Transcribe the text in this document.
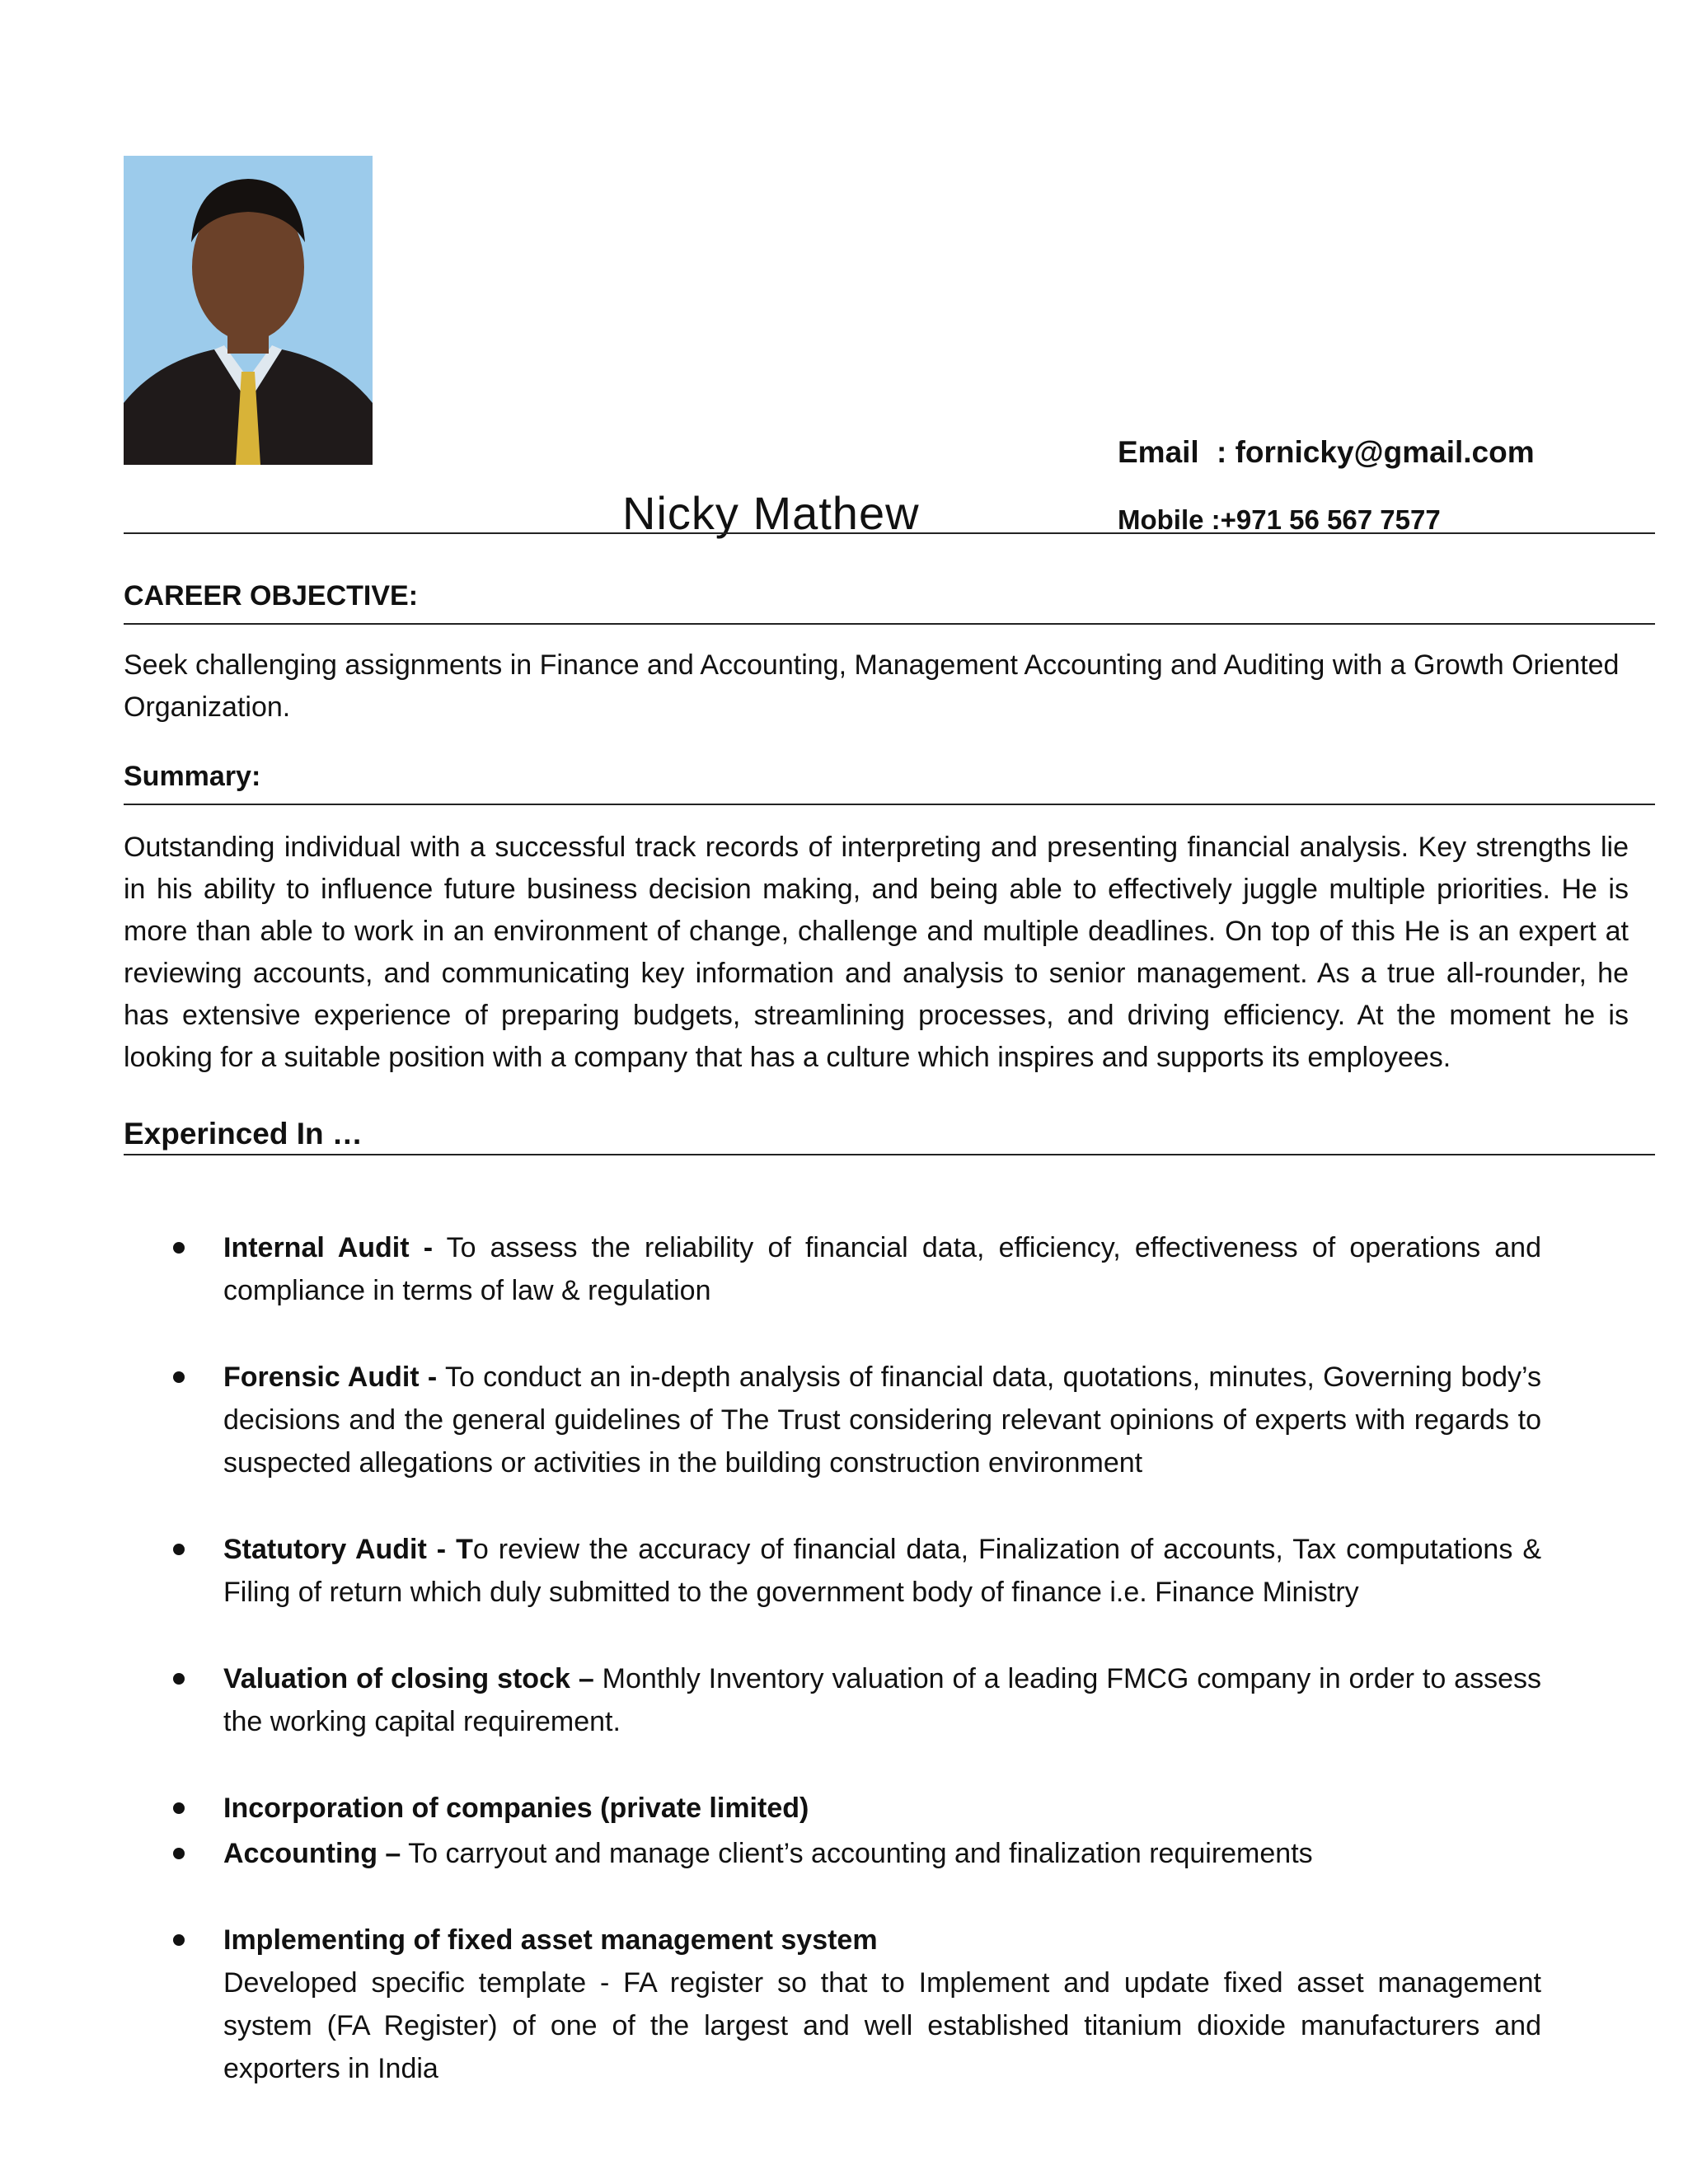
Email : fornicky@gmail.com
Mobile :+971 56 567 7577
Nicky Mathew
CAREER OBJECTIVE:
Seek challenging assignments in Finance and Accounting, Management Accounting and Auditing with a Growth Oriented Organization.
Summary:
Outstanding individual with a successful track records of interpreting and presenting financial analysis. Key strengths lie in his ability to influence future business decision making, and being able to effectively juggle multiple priorities. He is more than able to work in an environment of change, challenge and multiple deadlines. On top of this He is an expert at reviewing accounts, and communicating key information and analysis to senior management. As a true all-rounder, he has extensive experience of preparing budgets, streamlining processes, and driving efficiency. At the moment he is looking for a suitable position with a company that has a culture which inspires and supports its employees.
Experinced In …
Internal Audit - To assess the reliability of financial data, efficiency, effectiveness of operations and compliance in terms of law & regulation
Forensic Audit - To conduct an in-depth analysis of financial data, quotations, minutes, Governing body’s decisions and the general guidelines of The Trust considering relevant opinions of experts with regards to suspected allegations or activities in the building construction environment
Statutory Audit - To review the accuracy of financial data, Finalization of accounts, Tax computations & Filing of return which duly submitted to the government body of finance i.e. Finance Ministry
Valuation of closing stock – Monthly Inventory valuation of a leading FMCG company in order to assess the working capital requirement.
Incorporation of companies (private limited)
Accounting – To carryout and manage client’s accounting and finalization requirements
Implementing of fixed asset management system
Developed specific template - FA register so that to Implement and update fixed asset management system (FA Register) of one of the largest and well established titanium dioxide manufacturers and exporters in India
